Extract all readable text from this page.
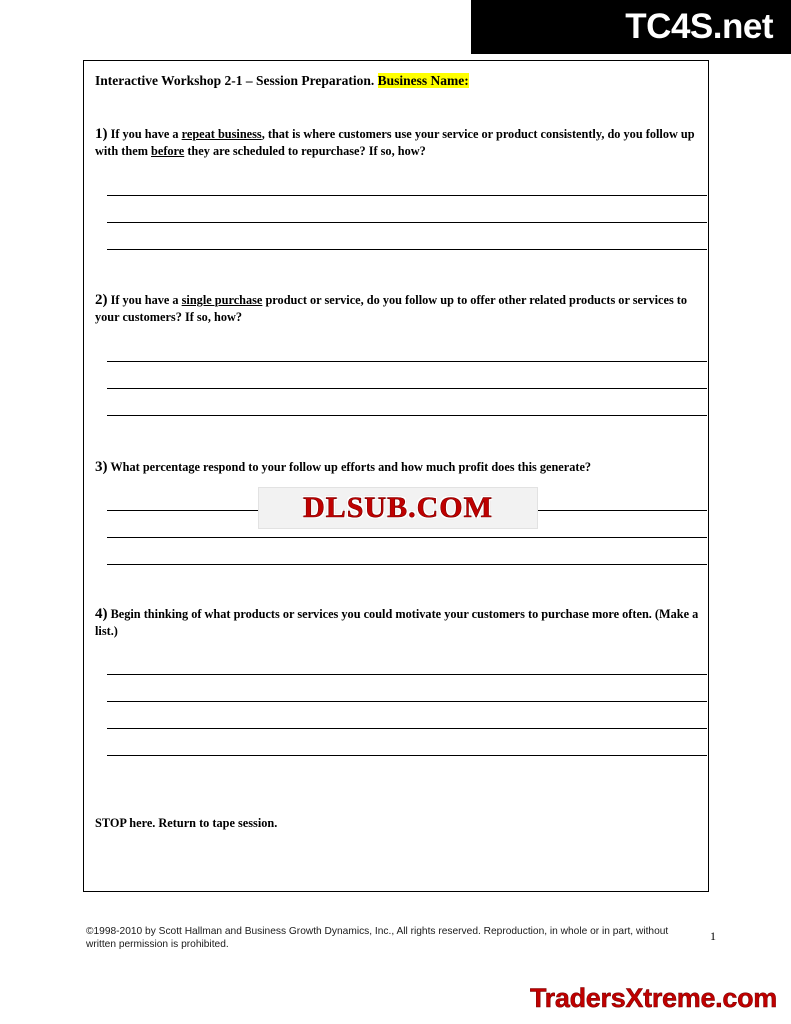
TC4S.net
Interactive Workshop 2-1 – Session Preparation. Business Name:
1) If you have a repeat business, that is where customers use your service or product consistently, do you follow up with them before they are scheduled to repurchase? If so, how?
2) If you have a single purchase product or service, do you follow up to offer other related products or services to your customers? If so, how?
3) What percentage respond to your follow up efforts and how much profit does this generate?
4) Begin thinking of what products or services you could motivate your customers to purchase more often. (Make a list.)
STOP here. Return to tape session.
DLSUB.COM
©1998-2010 by Scott Hallman and Business Growth Dynamics, Inc., All rights reserved. Reproduction, in whole or in part, without written permission is prohibited.
1
TradersXtreme.com
